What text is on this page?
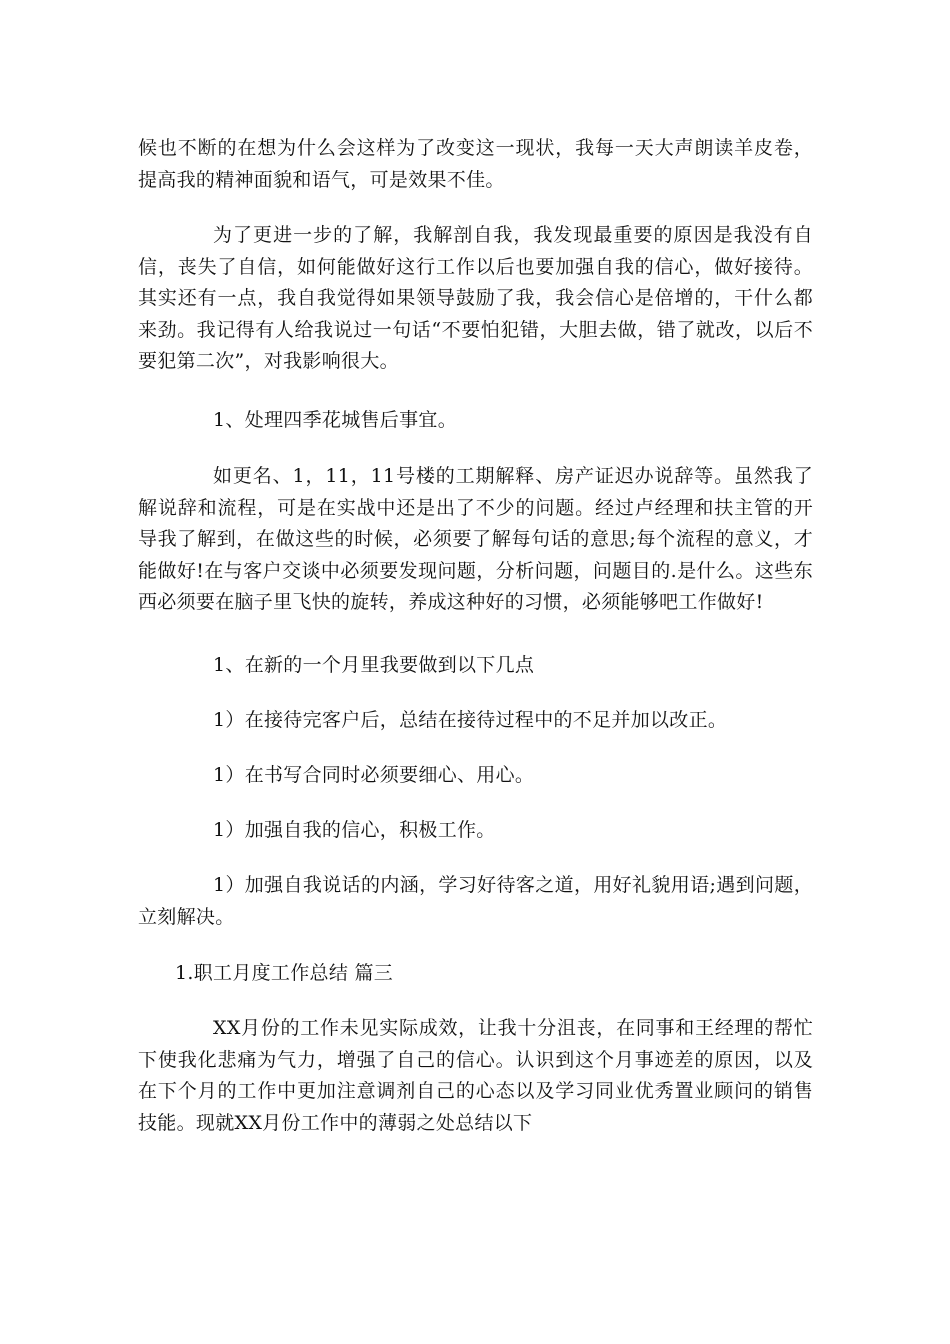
候也不断的在想为什么会这样为了改变这一现状，我每一天大声朗读羊皮卷，提高我的精神面貌和语气，可是效果不佳。

为了更进一步的了解，我解剖自我，我发现最重要的原因是我没有自信，丧失了自信，如何能做好这行工作以后也要加强自我的信心，做好接待。其实还有一点，我自我觉得如果领导鼓励了我，我会信心是倍增的，干什么都来劲。我记得有人给我说过一句话“不要怕犯错，大胆去做，错了就改，以后不要犯第二次”，对我影响很大。

1、处理四季花城售后事宜。

如更名、1，11，11号楼的工期解释、房产证迟办说辞等。虽然我了解说辞和流程，可是在实战中还是出了不少的问题。经过卢经理和扶主管的开导我了解到，在做这些的时候，必须要了解每句话的意思;每个流程的意义，才能做好!在与客户交谈中必须要发现问题，分析问题，问题目的.是什么。这些东西必须要在脑子里飞快的旋转，养成这种好的习惯，必须能够吧工作做好!

1、在新的一个月里我要做到以下几点

1）在接待完客户后，总结在接待过程中的不足并加以改正。

1）在书写合同时必须要细心、用心。

1）加强自我的信心，积极工作。

1）加强自我说话的内涵，学习好待客之道，用好礼貌用语;遇到问题，立刻解决。

1.职工月度工作总结 篇三

XX月份的工作未见实际成效，让我十分沮丧，在同事和王经理的帮忙下使我化悲痛为气力，增强了自己的信心。认识到这个月事迹差的原因，以及在下个月的工作中更加注意调剂自己的心态以及学习同业优秀置业顾问的销售技能。现就XX月份工作中的薄弱之处总结以下
